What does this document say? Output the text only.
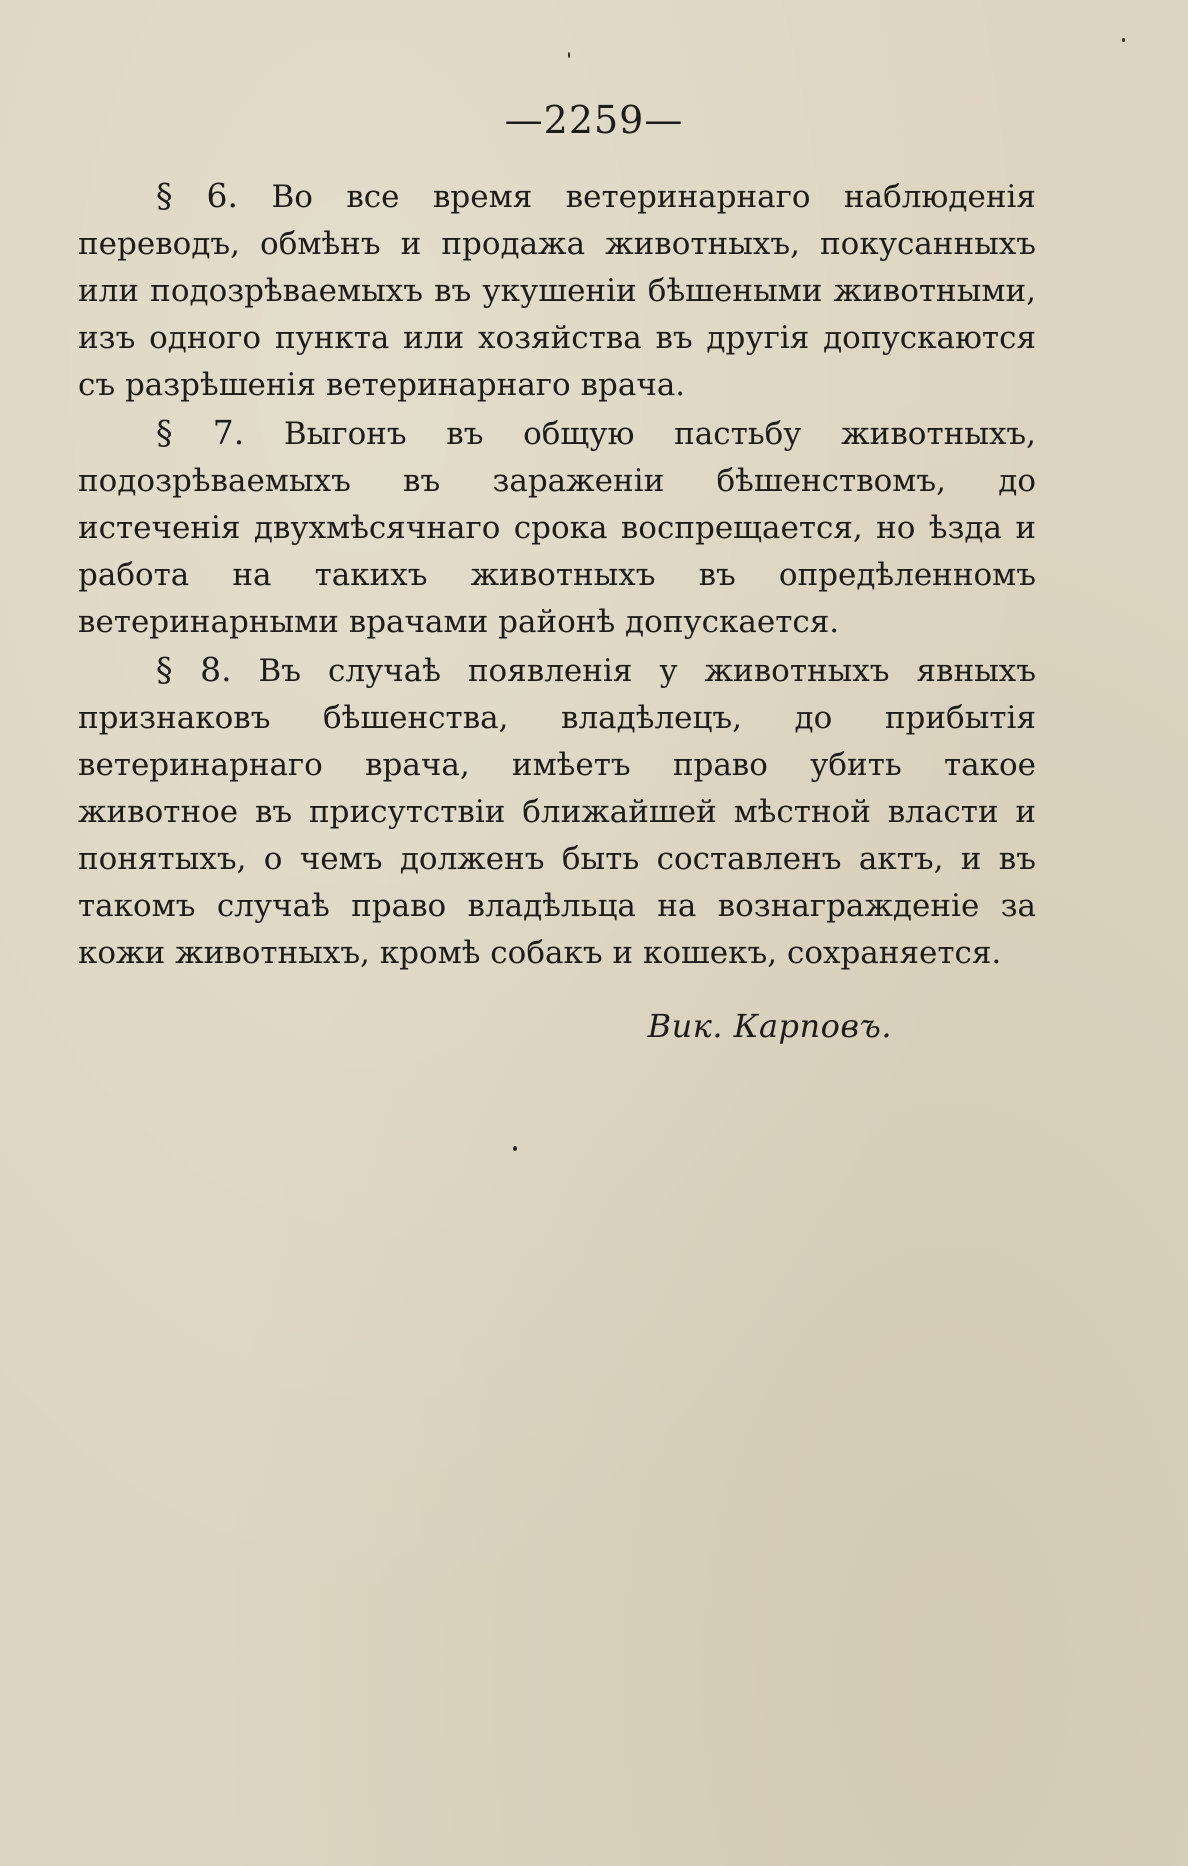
—2259—

§ 6. Во все время ветеринарнаго наблюденія переводъ, обмѣнъ и продажа животныхъ, покусанныхъ или подозрѣваемыхъ въ укушеніи бѣшеными животными, изъ одного пункта или хозяйства въ другія допускаются съ разрѣшенія ветеринарнаго врача.

§ 7. Выгонъ въ общую пастьбу животныхъ, подозрѣваемыхъ въ зараженіи бѣшенствомъ, до истеченія двухмѣсячнаго срока воспрещается, но ѣзда и работа на такихъ животныхъ въ опредѣленномъ ветеринарными врачами районѣ допускается.

§ 8. Въ случаѣ появленія у животныхъ явныхъ признаковъ бѣшенства, владѣлецъ, до прибытія ветеринарнаго врача, имѣетъ право убить такое животное въ присутствіи ближайшей мѣстной власти и понятыхъ, о чемъ долженъ быть составленъ актъ, и въ такомъ случаѣ право владѣльца на вознагражденіе за кожи животныхъ, кромѣ собакъ и кошекъ, сохраняется.

Вик. Карповъ.
